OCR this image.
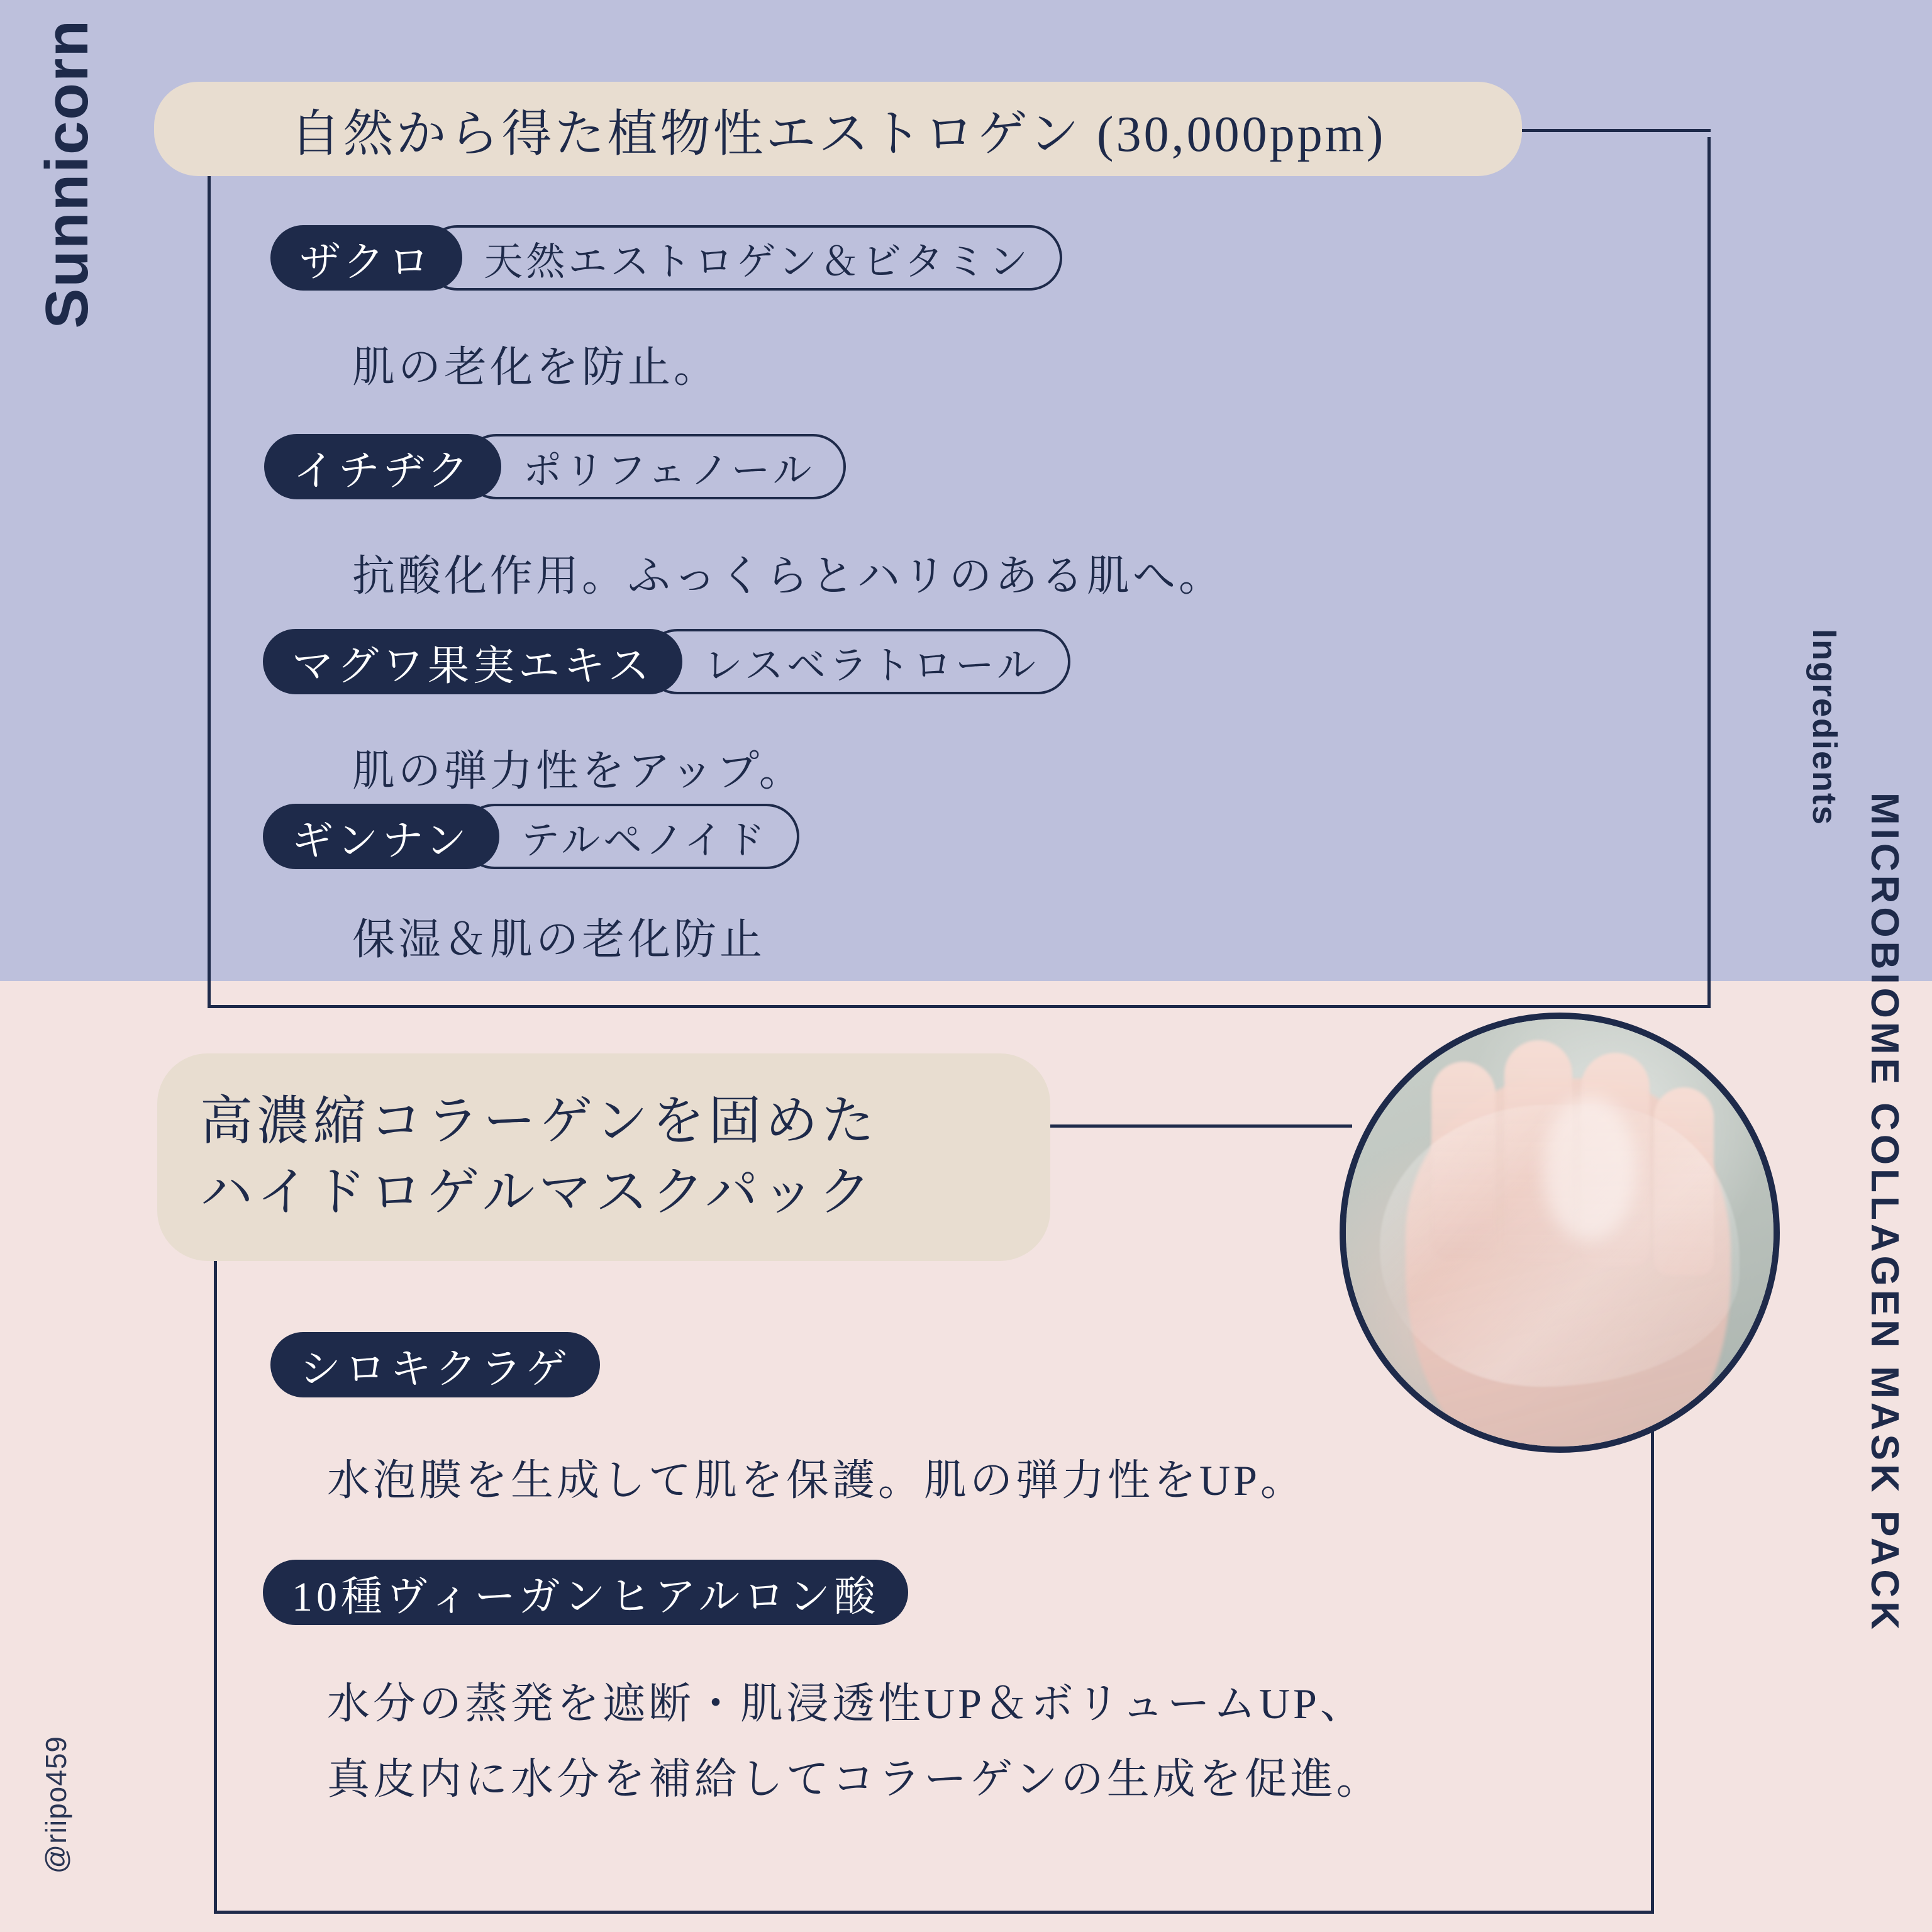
Sunnicorn
@riipo459
Ingredients
MICROBIOME COLLAGEN MASK PACK
自然から得た植物性エストロゲン (30,000ppm)
ザクロ	天然エストロゲン＆ビタミン
肌の老化を防止。
イチヂク	ポリフェノール
抗酸化作用。ふっくらとハリのある肌へ。
マグワ果実エキス	レスベラトロール
肌の弾力性をアップ。
ギンナン	テルペノイド
保湿＆肌の老化防止
高濃縮コラーゲンを固めた
ハイドロゲルマスクパック
シロキクラゲ
水泡膜を生成して肌を保護。肌の弾力性をUP。
10種ヴィーガンヒアルロン酸
水分の蒸発を遮断・肌浸透性UP＆ボリュームUP、
真皮内に水分を補給してコラーゲンの生成を促進。
